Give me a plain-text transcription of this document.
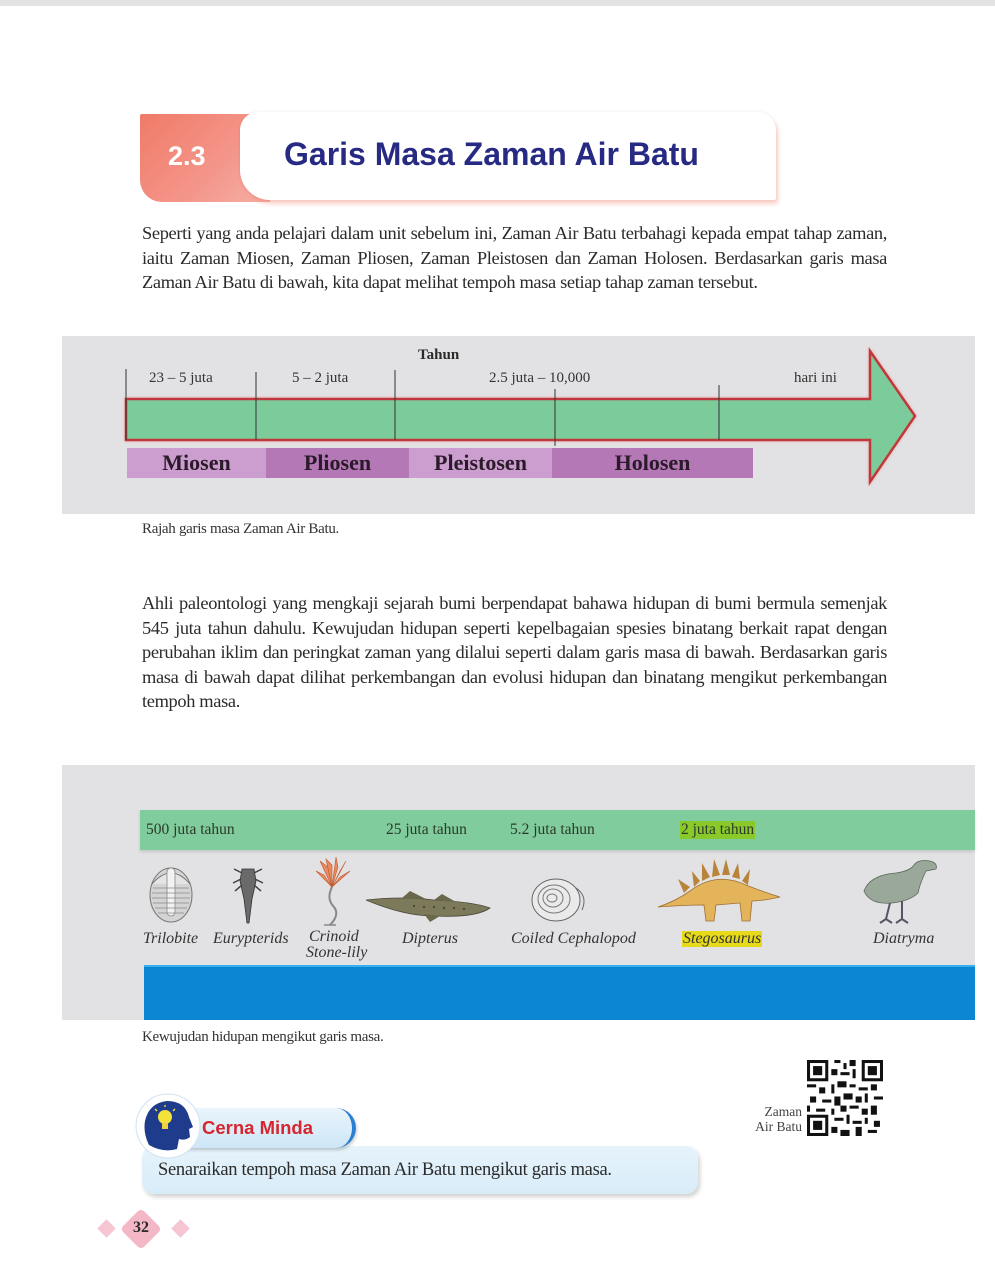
2.3 Garis Masa Zaman Air Batu

Seperti yang anda pelajari dalam unit sebelum ini, Zaman Air Batu terbahagi kepada empat tahap zaman, iaitu Zaman Miosen, Zaman Pliosen, Zaman Pleistosen dan Zaman Holosen. Berdasarkan garis masa Zaman Air Batu di bawah, kita dapat melihat tempoh masa setiap tahap zaman tersebut.

Tahun
23 – 5 juta	5 – 2 juta	2.5 juta – 10,000	hari ini
Miosen	Pliosen	Pleistosen	Holosen
Rajah garis masa Zaman Air Batu.

Ahli paleontologi yang mengkaji sejarah bumi berpendapat bahawa hidupan di bumi bermula semenjak 545 juta tahun dahulu. Kewujudan hidupan seperti kepelbagaian spesies binatang berkait rapat dengan perubahan iklim dan peringkat zaman yang dilalui seperti dalam garis masa di bawah. Berdasarkan garis masa di bawah dapat dilihat perkembangan dan evolusi hidupan dan binatang mengikut perkembangan tempoh masa.

500 juta tahun	25 juta tahun	5.2 juta tahun	2 juta tahun
Trilobite Eurypterids Crinoid
Stone-lily
Dipterus	Coiled Cephalopod	Stegosaurus	Diatryma
Kewujudan hidupan mengikut garis masa.
Zaman
Air Batu
Senaraikan tempoh masa Zaman Air Batu mengikut garis masa.
Cerna Minda
32
